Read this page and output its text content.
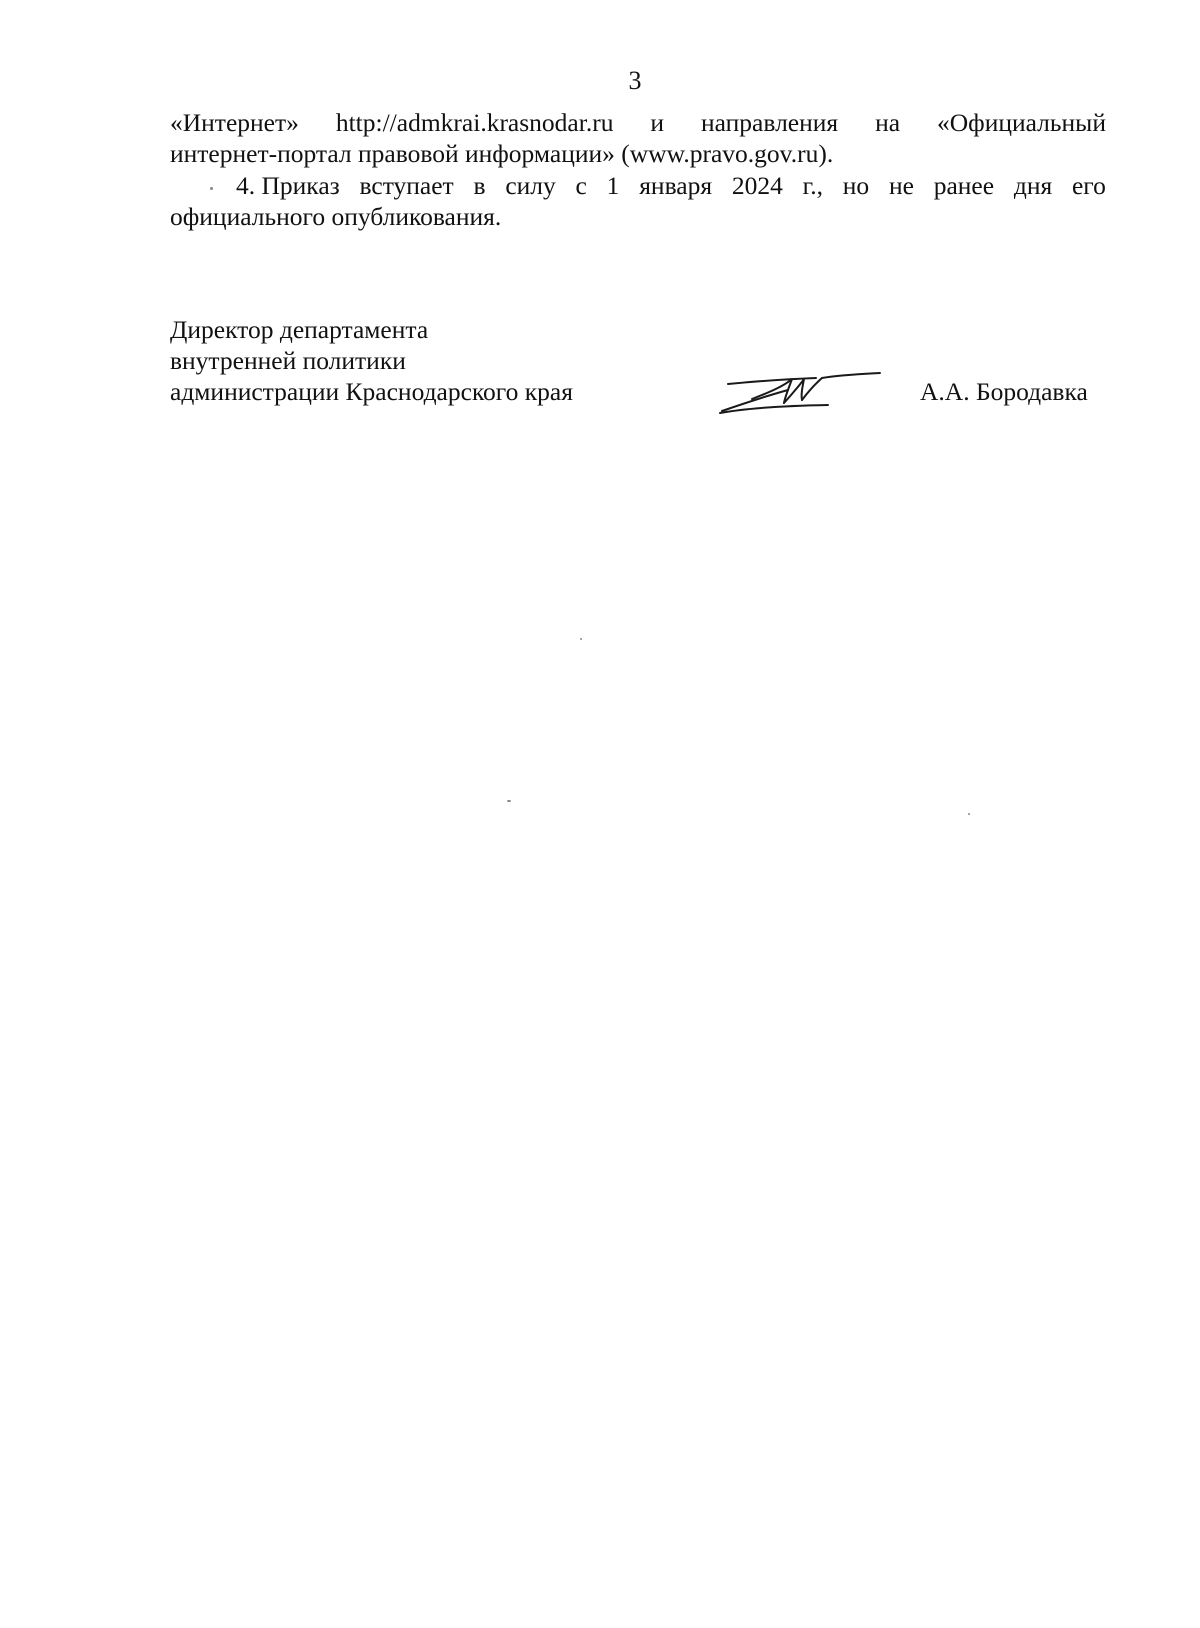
3
«Интернет» http://admkrai.krasnodar.ru и направления на «Официальный
интернет-портал правовой информации» (www.pravo.gov.ru).
4. Приказ вступает в силу с 1 января 2024 г., но не ранее дня его
официального опубликования.
Директор департамента
внутренней политики
администрации Краснодарского края	А.А. Бородавка
